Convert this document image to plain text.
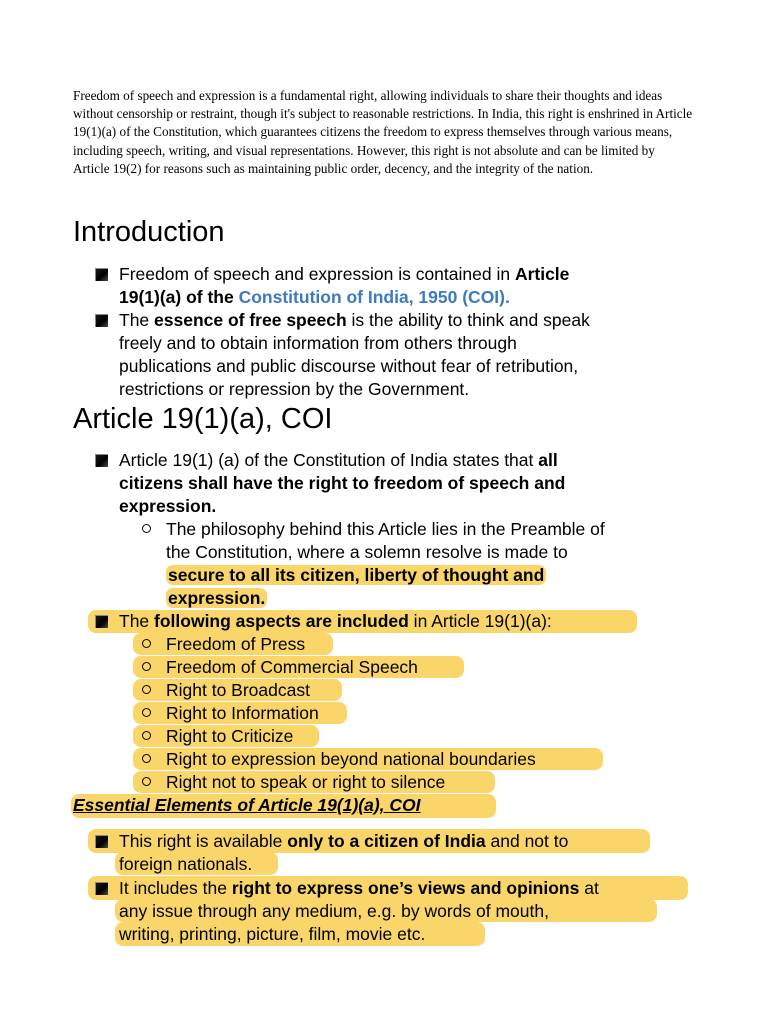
Freedom of speech and expression is a fundamental right, allowing individuals to share their thoughts and ideas without censorship or restraint, though it's subject to reasonable restrictions. In India, this right is enshrined in Article 19(1)(a) of the Constitution, which guarantees citizens the freedom to express themselves through various means, including speech, writing, and visual representations. However, this right is not absolute and can be limited by Article 19(2) for reasons such as maintaining public order, decency, and the integrity of the nation.

Introduction
Freedom of speech and expression is contained in Article
19(1)(a) of the Constitution of India, 1950 (COI).
The essence of free speech is the ability to think and speak
freely and to obtain information from others through
publications and public discourse without fear of retribution,
restrictions or repression by the Government.
Article 19(1)(a), COI
Article 19(1) (a) of the Constitution of India states that all
citizens shall have the right to freedom of speech and
expression.
The philosophy behind this Article lies in the Preamble of
the Constitution, where a solemn resolve is made to
secure to all its citizen, liberty of thought and
expression.
The following aspects are included in Article 19(1)(a):
Freedom of Press
Freedom of Commercial Speech
Right to Broadcast
Right to Information
Right to Criticize
Right to expression beyond national boundaries
Right not to speak or right to silence
Essential Elements of Article 19(1)(a), COI
This right is available only to a citizen of India and not to
foreign nationals.
It includes the right to express one’s views and opinions at
any issue through any medium, e.g. by words of mouth,
writing, printing, picture, film, movie etc.
